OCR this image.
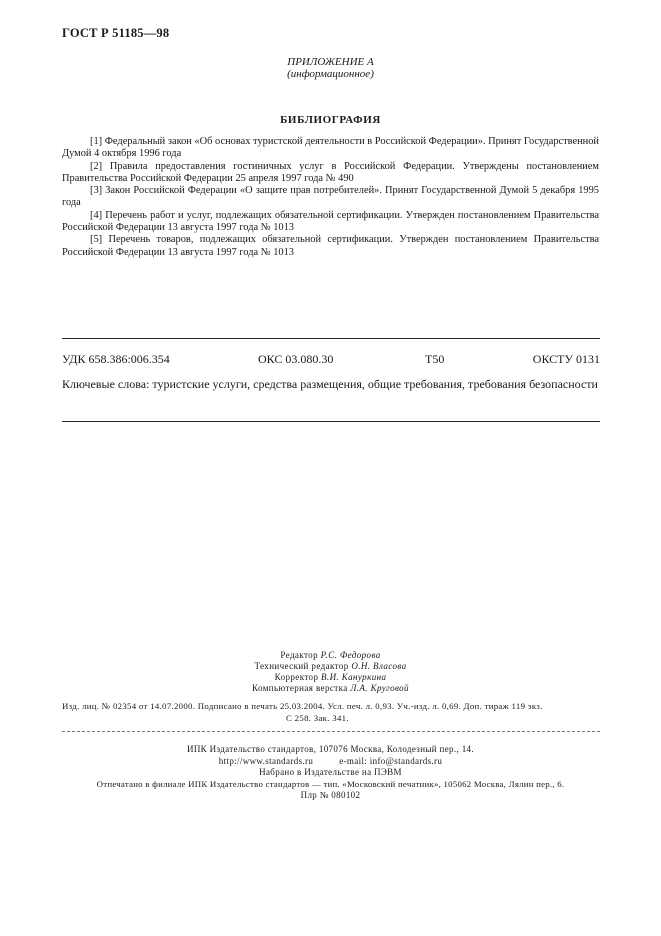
ГОСТ Р 51185—98
ПРИЛОЖЕНИЕ А
(информационное)
БИБЛИОГРАФИЯ

[1] Федеральный закон «Об основах туристской деятельности в Российской Федерации». Принят Государственной Думой 4 октября 1996 года

[2] Правила предоставления гостиничных услуг в Российской Федерации. Утверждены постановлением Правительства Российской Федерации 25 апреля 1997 года № 490

[3] Закон Российской Федерации «О защите прав потребителей». Принят Государственной Думой 5 декабря 1995 года

[4] Перечень работ и услуг, подлежащих обязательной сертификации. Утвержден постановлением Правительства Российской Федерации 13 августа 1997 года № 1013

[5] Перечень товаров, подлежащих обязательной сертификации. Утвержден постановлением Правительства Российской Федерации 13 августа 1997 года № 1013

УДК 658.386:006.354	ОКС 03.080.30	Т50	ОКСТУ 0131
Ключевые слова: туристские услуги, средства размещения, общие требования, требования безопасности
Редактор Р.С. Федорова
Технический редактор О.Н. Власова
Корректор В.И. Кануркина
Компьютерная верстка Л.А. Круговой
Изд. лиц. № 02354 от 14.07.2000. Подписано в печать 25.03.2004. Усл. печ. л. 0,93. Уч.-изд. л. 0,69. Доп. тираж 119 экз.
С 258. Зак. 341.
ИПК Издательство стандартов, 107076 Москва, Колодезный пер., 14.
http://www.standards.ru          e-mail: info@standards.ru
Набрано в Издательстве на ПЭВМ
Отпечатано в филиале ИПК Издательство стандартов — тип. «Московский печатник», 105062 Москва, Лялин пер., 6.
Плр № 080102
